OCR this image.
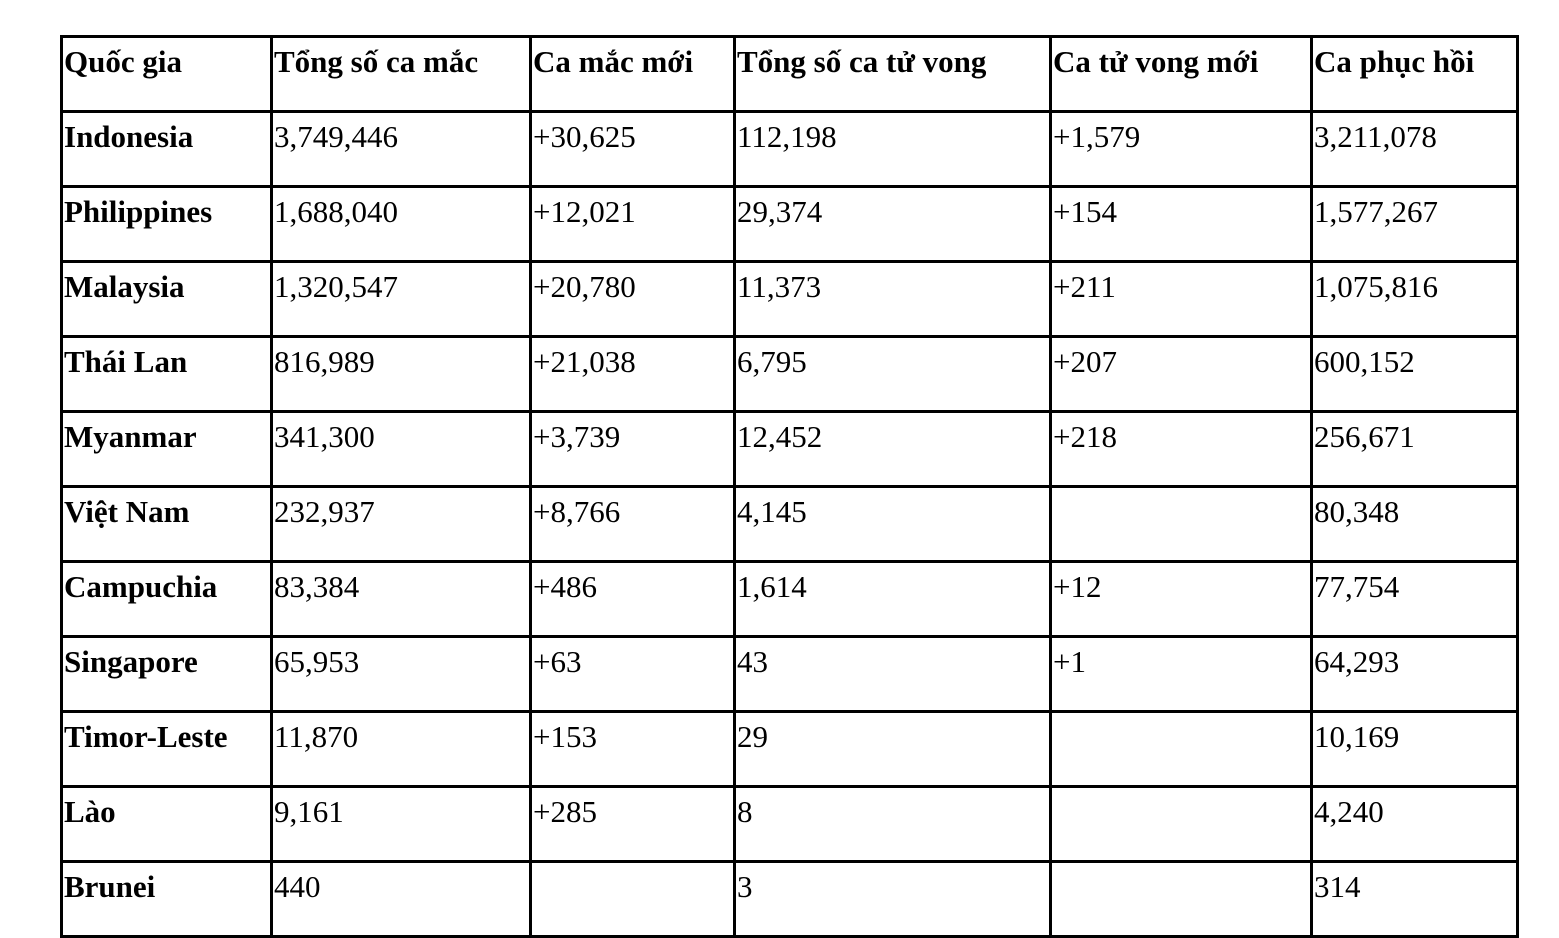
Quốc gia	Tổng số ca mắc	Ca mắc mới	Tổng số ca tử vong	Ca tử vong mới	Ca phục hồi
Indonesia	3,749,446	+30,625	112,198	+1,579	3,211,078
Philippines	1,688,040	+12,021	29,374	+154	1,577,267
Malaysia	1,320,547	+20,780	11,373	+211	1,075,816
Thái Lan	816,989	+21,038	6,795	+207	600,152
Myanmar	341,300	+3,739	12,452	+218	256,671
Việt Nam	232,937	+8,766	4,145		80,348
Campuchia	83,384	+486	1,614	+12	77,754
Singapore	65,953	+63	43	+1	64,293
Timor-Leste	11,870	+153	29		10,169
Lào	9,161	+285	8		4,240
Brunei	440		3		314
